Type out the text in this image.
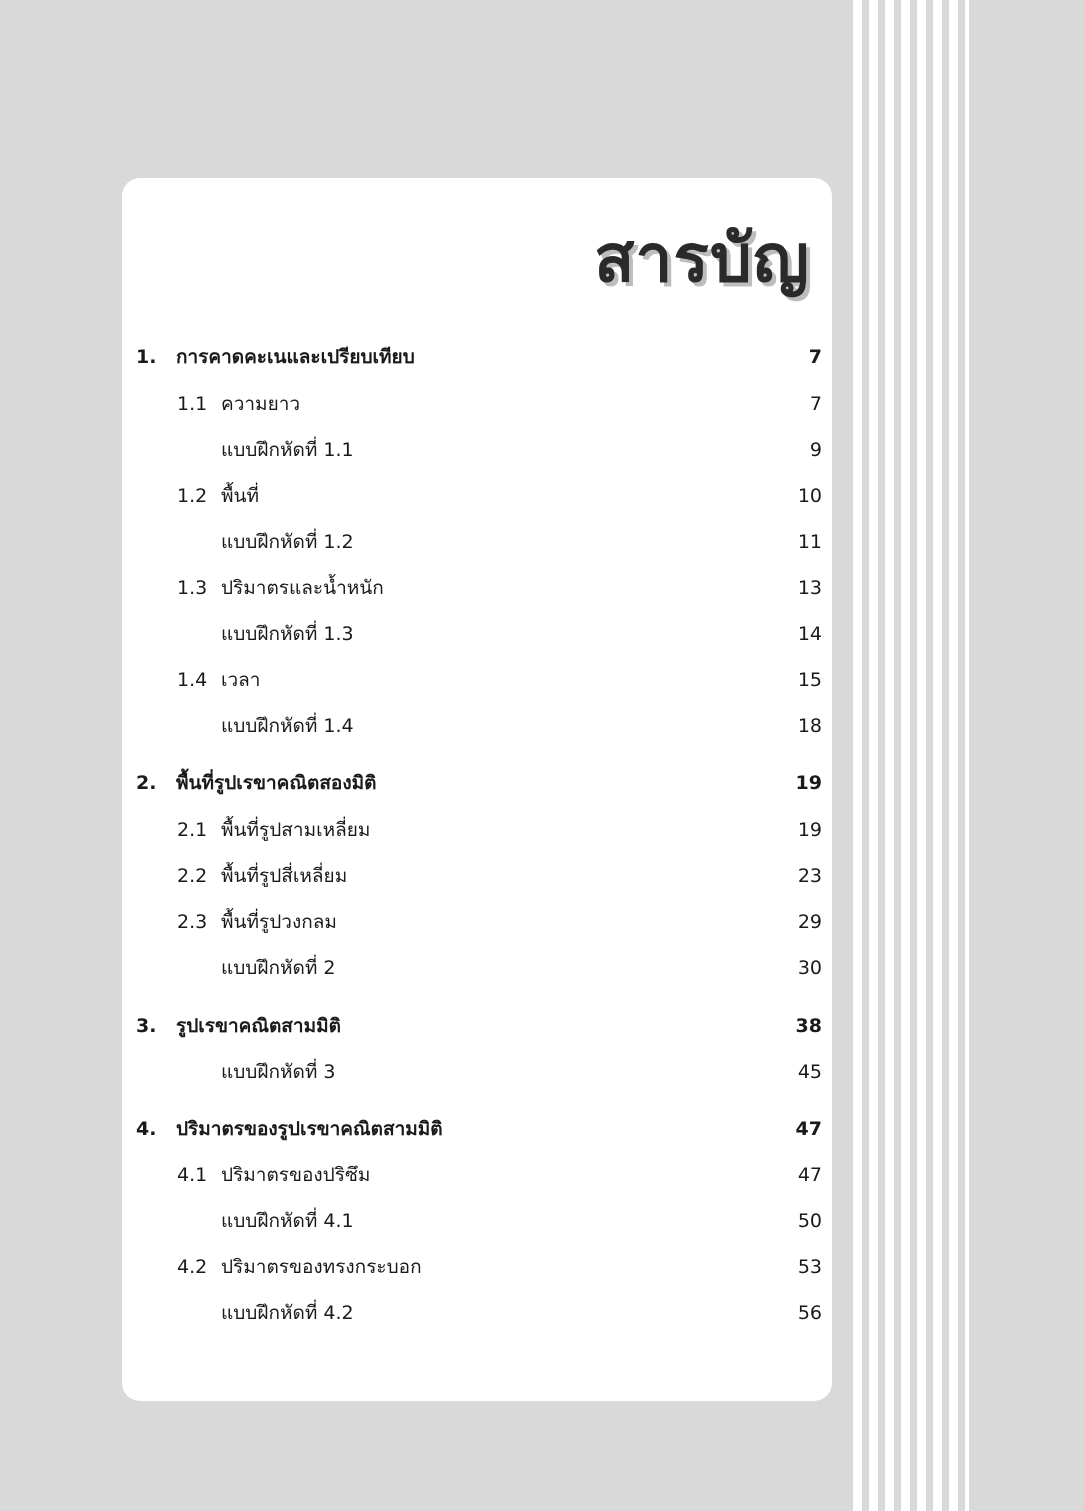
สารบัญ
1. การคาดคะเนและเปรียบเทียบ	7
1.1 ความยาว	7
แบบฝึกหัดที่ 1.1	9
1.2 พื้นที่	10
แบบฝึกหัดที่ 1.2	11
1.3 ปริมาตรและน้ำหนัก	13
แบบฝึกหัดที่ 1.3	14
1.4 เวลา	15
แบบฝึกหัดที่ 1.4	18
2. พื้นที่รูปเรขาคณิตสองมิติ	19
2.1 พื้นที่รูปสามเหลี่ยม	19
2.2 พื้นที่รูปสี่เหลี่ยม	23
2.3 พื้นที่รูปวงกลม	29
แบบฝึกหัดที่ 2	30
3. รูปเรขาคณิตสามมิติ	38
แบบฝึกหัดที่ 3	45
4. ปริมาตรของรูปเรขาคณิตสามมิติ	47
4.1 ปริมาตรของปริซึม	47
แบบฝึกหัดที่ 4.1	50
4.2 ปริมาตรของทรงกระบอก	53
แบบฝึกหัดที่ 4.2	56
